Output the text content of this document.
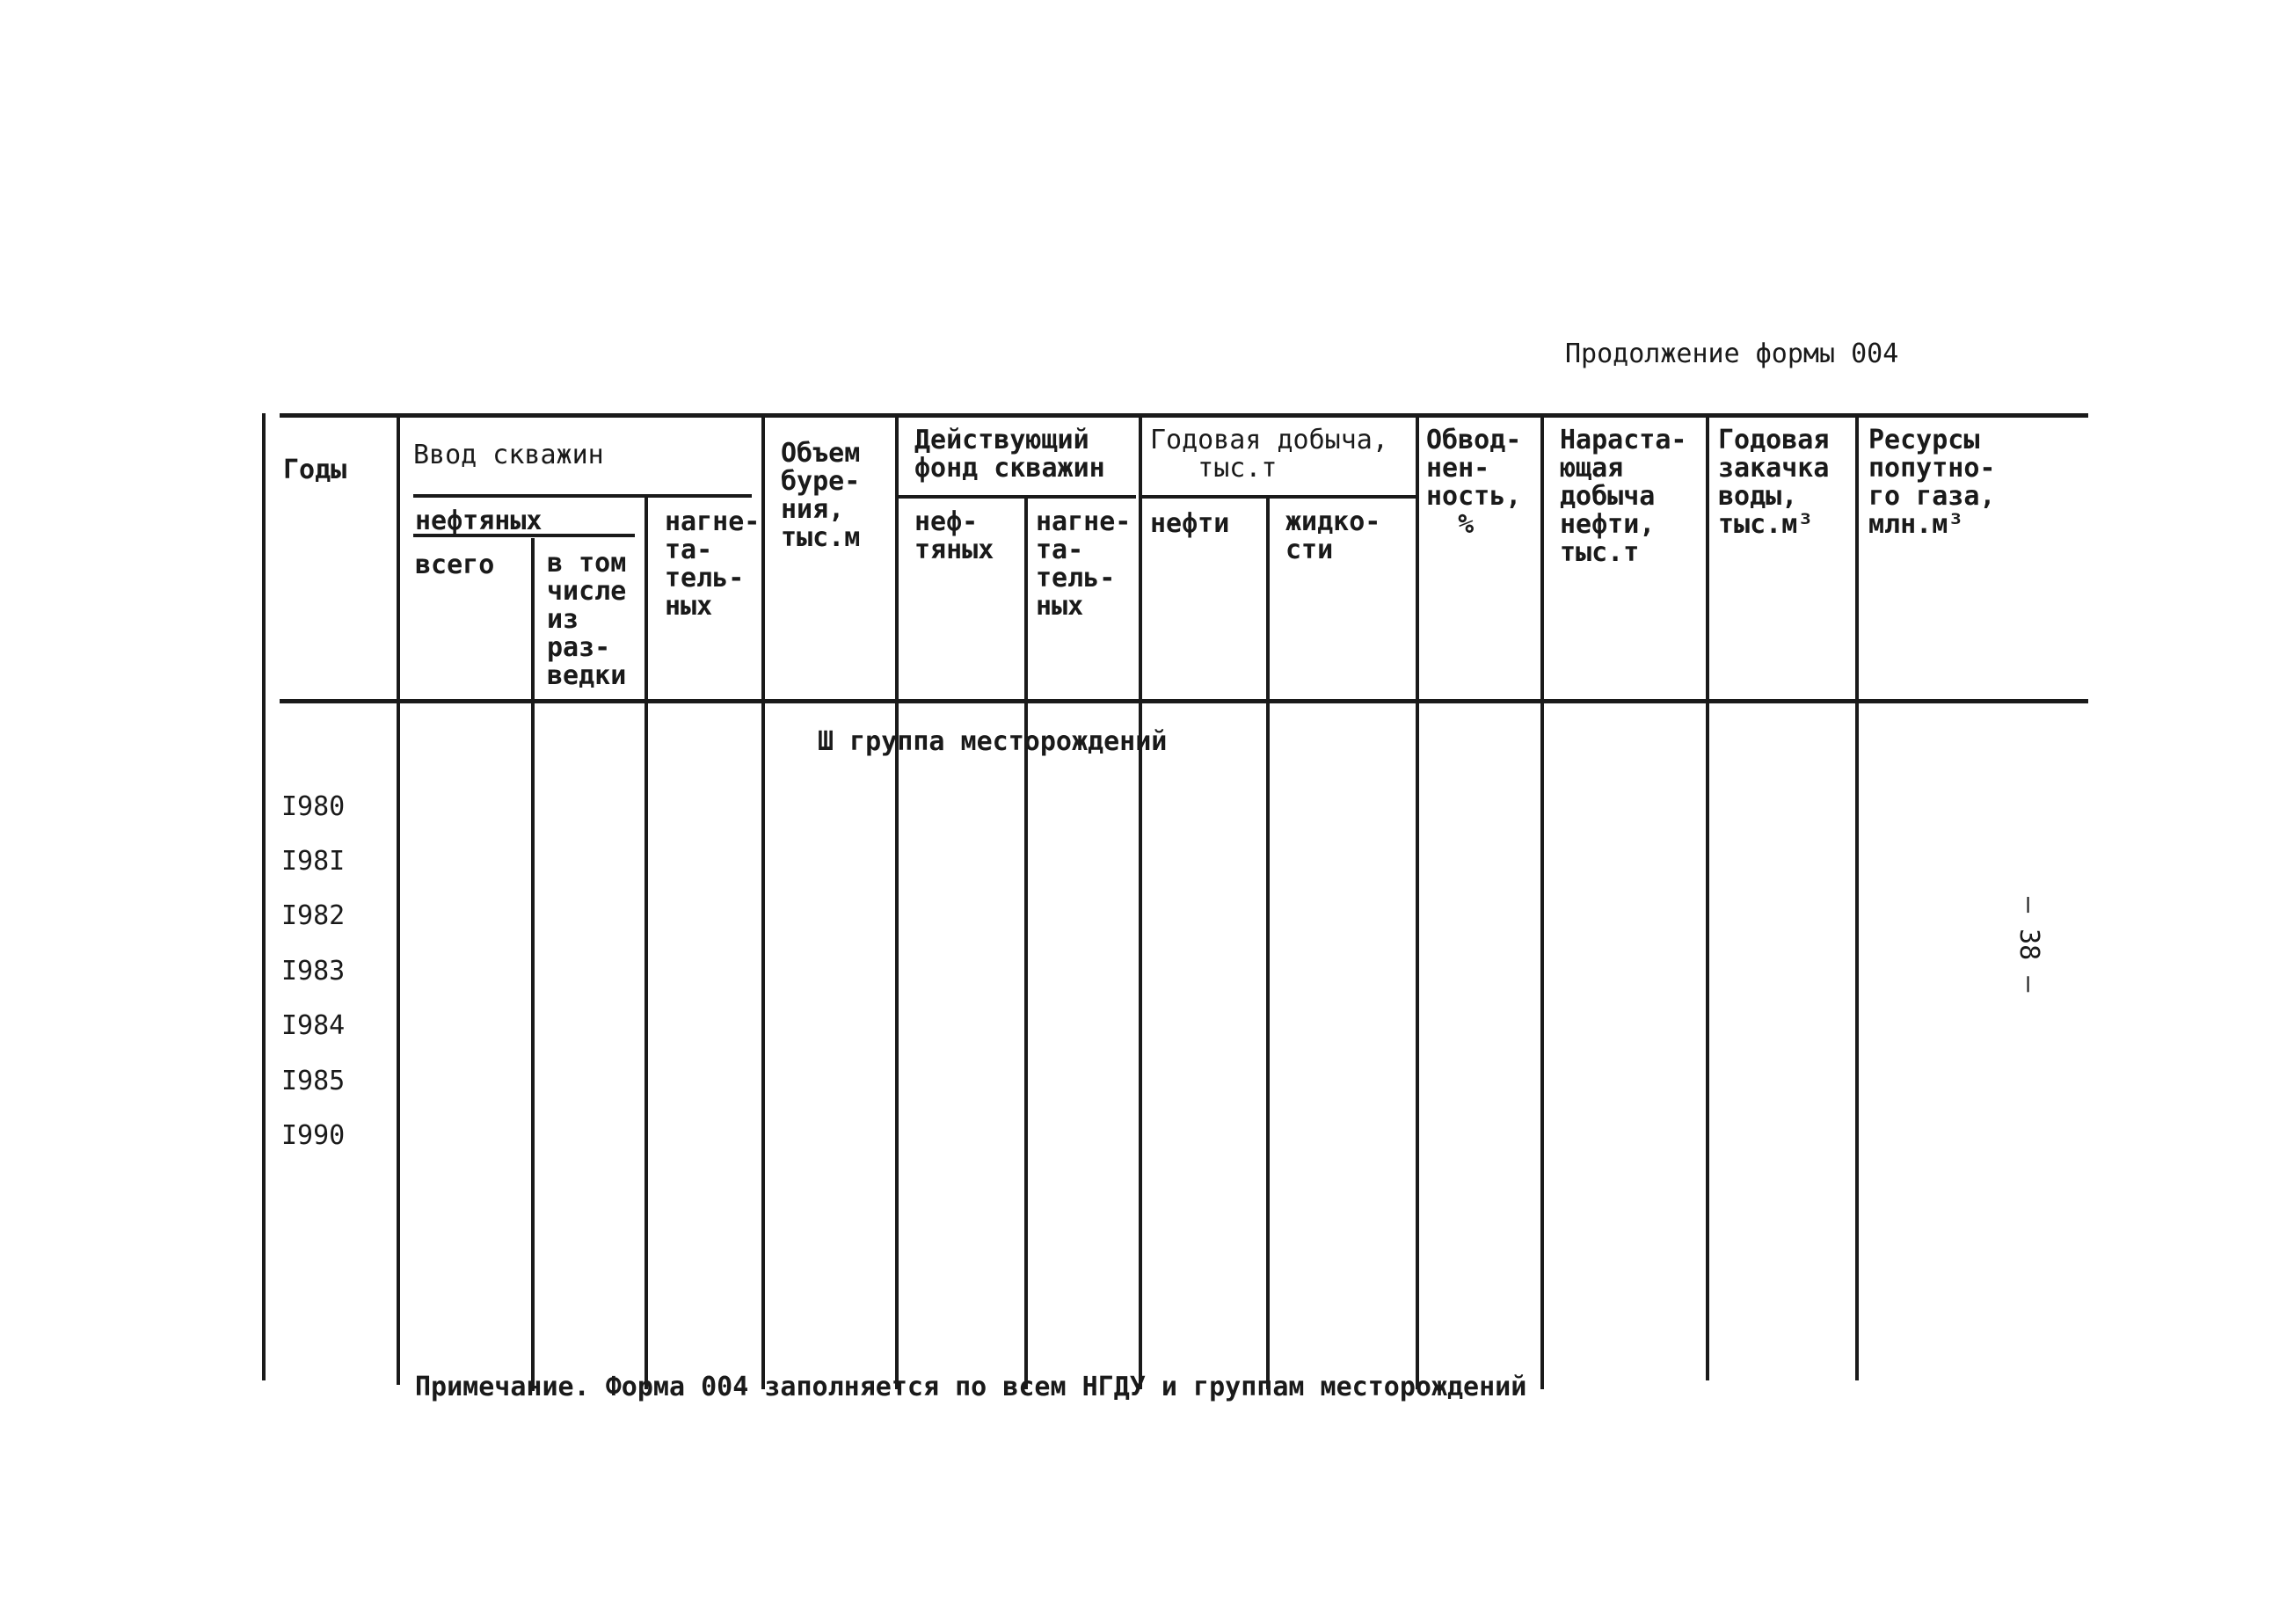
Продолжение формы 004
Годы	Ввод скважин
нефтяных
всего в том
числе
из
раз-
ведки
нагне-
та-
тель-
ных
Объем
буре-
ния,
тыс.м
Действующий
фонд скважин
неф-
тяных
нагне-
та-
тель-
ных
Годовая добыча,
тыс.т
нефти жидко-
сти
Обвод-
нен-
ность,
%
Нараста-
ющая
добыча
нефти,
тыс.т
Годовая
закачка
воды,
тыс.м³
Ресурсы
попутно-
го газа,
млн.м³
Ш группа месторождений
I980
I98I
I982
I983
I984
I985
I990
Примечание. Форма 004 заполняется по всем НГДУ и группам месторождений
– 38 –
